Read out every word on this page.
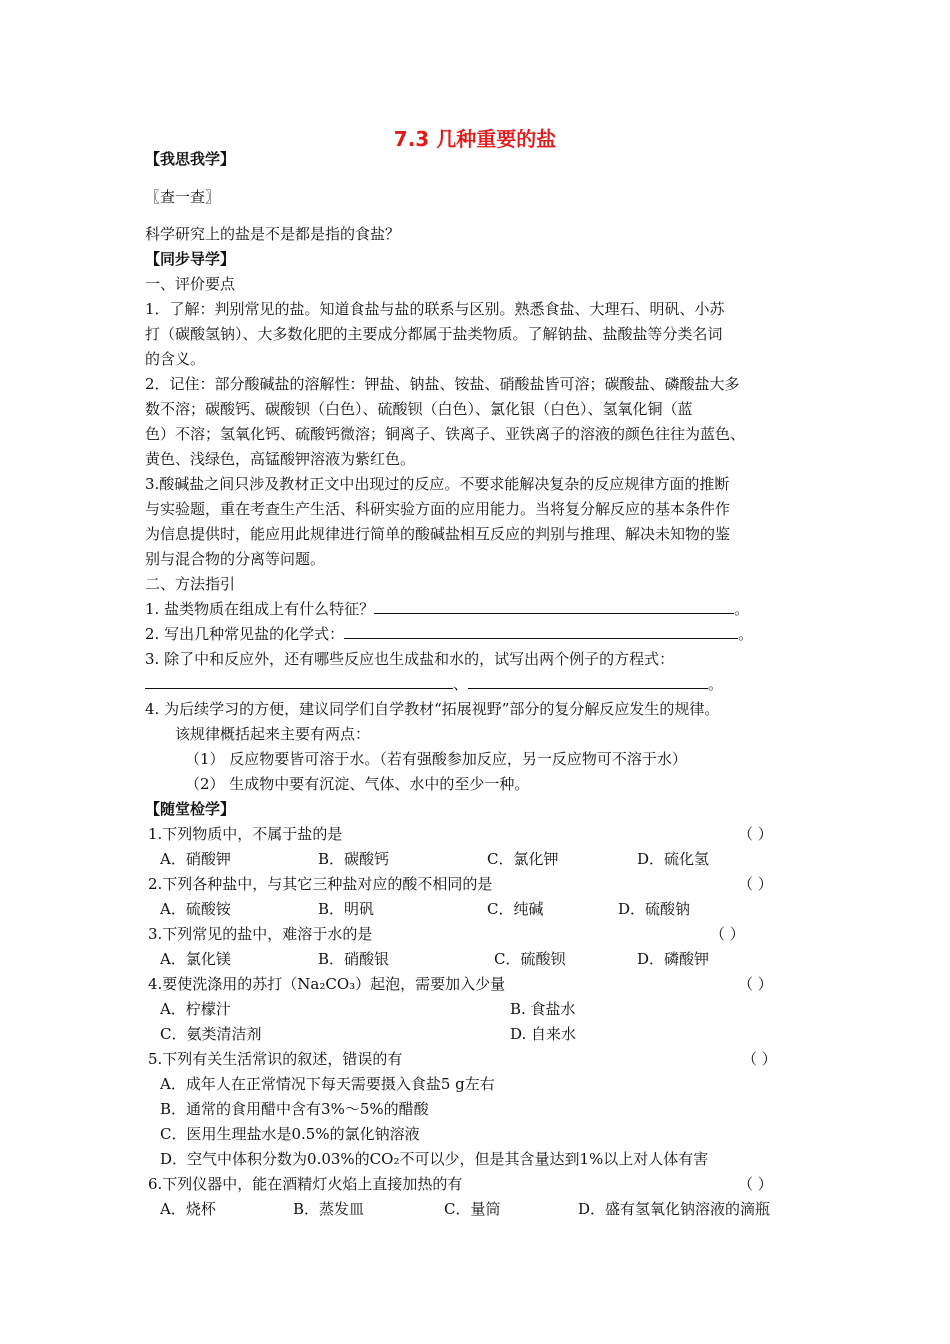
7.3 几种重要的盐
【我思我学】
〖查一查〗
科学研究上的盐是不是都是指的食盐？
【同步导学】
一、评价要点
1．了解：判别常见的盐。知道食盐与盐的联系与区别。熟悉食盐、大理石、明矾、小苏
打（碳酸氢钠）、大多数化肥的主要成分都属于盐类物质。了解钠盐、盐酸盐等分类名词
的含义。
2．记住：部分酸碱盐的溶解性：钾盐、钠盐、铵盐、硝酸盐皆可溶；碳酸盐、磷酸盐大多
数不溶；碳酸钙、碳酸钡（白色）、硫酸钡（白色）、氯化银（白色）、氢氧化铜（蓝
色）不溶；氢氧化钙、硫酸钙微溶；铜离子、铁离子、亚铁离子的溶液的颜色往往为蓝色、
黄色、浅绿色，高锰酸钾溶液为紫红色。
3.酸碱盐之间只涉及教材正文中出现过的反应。不要求能解决复杂的反应规律方面的推断
与实验题，重在考查生产生活、科研实验方面的应用能力。当将复分解反应的基本条件作
为信息提供时，能应用此规律进行简单的酸碱盐相互反应的判别与推理、解决未知物的鉴
别与混合物的分离等问题。
二、方法指引
1. 盐类物质在组成上有什么特征？	。
2. 写出几种常见盐的化学式：	。
3. 除了中和反应外，还有哪些反应也生成盐和水的，试写出两个例子的方程式：
、	。
4. 为后续学习的方便，建议同学们自学教材“拓展视野”部分的复分解反应发生的规律。
该规律概括起来主要有两点：
（1） 反应物要皆可溶于水。（若有强酸参加反应，另一反应物可不溶于水）
（2） 生成物中要有沉淀、气体、水中的至少一种。
【随堂检学】
1.下列物质中，不属于盐的是	（ ）
A．硝酸钾	B．碳酸钙	C．氯化钾	D．硫化氢
2.下列各种盐中，与其它三种盐对应的酸不相同的是	（ ）
A．硫酸铵	B．明矾	C．纯碱	D．硫酸钠
3.下列常见的盐中，难溶于水的是	（ ）
A．氯化镁	B．硝酸银	C．硫酸钡	D．磷酸钾
4.要使洗涤用的苏打（Na₂CO₃）起泡，需要加入少量	（ ）
A．柠檬汁	B. 食盐水
C．氨类清洁剂	D. 自来水
5.下列有关生活常识的叙述，错误的有	（ ）
A．成年人在正常情况下每天需要摄入食盐5 g左右
B．通常的食用醋中含有3%～5%的醋酸
C．医用生理盐水是0.5%的氯化钠溶液
D．空气中体积分数为0.03%的CO₂不可以少，但是其含量达到1%以上对人体有害
6.下列仪器中，能在酒精灯火焰上直接加热的有	（ ）
A．烧杯	B．蒸发皿	C．量筒	D．盛有氢氧化钠溶液的滴瓶
